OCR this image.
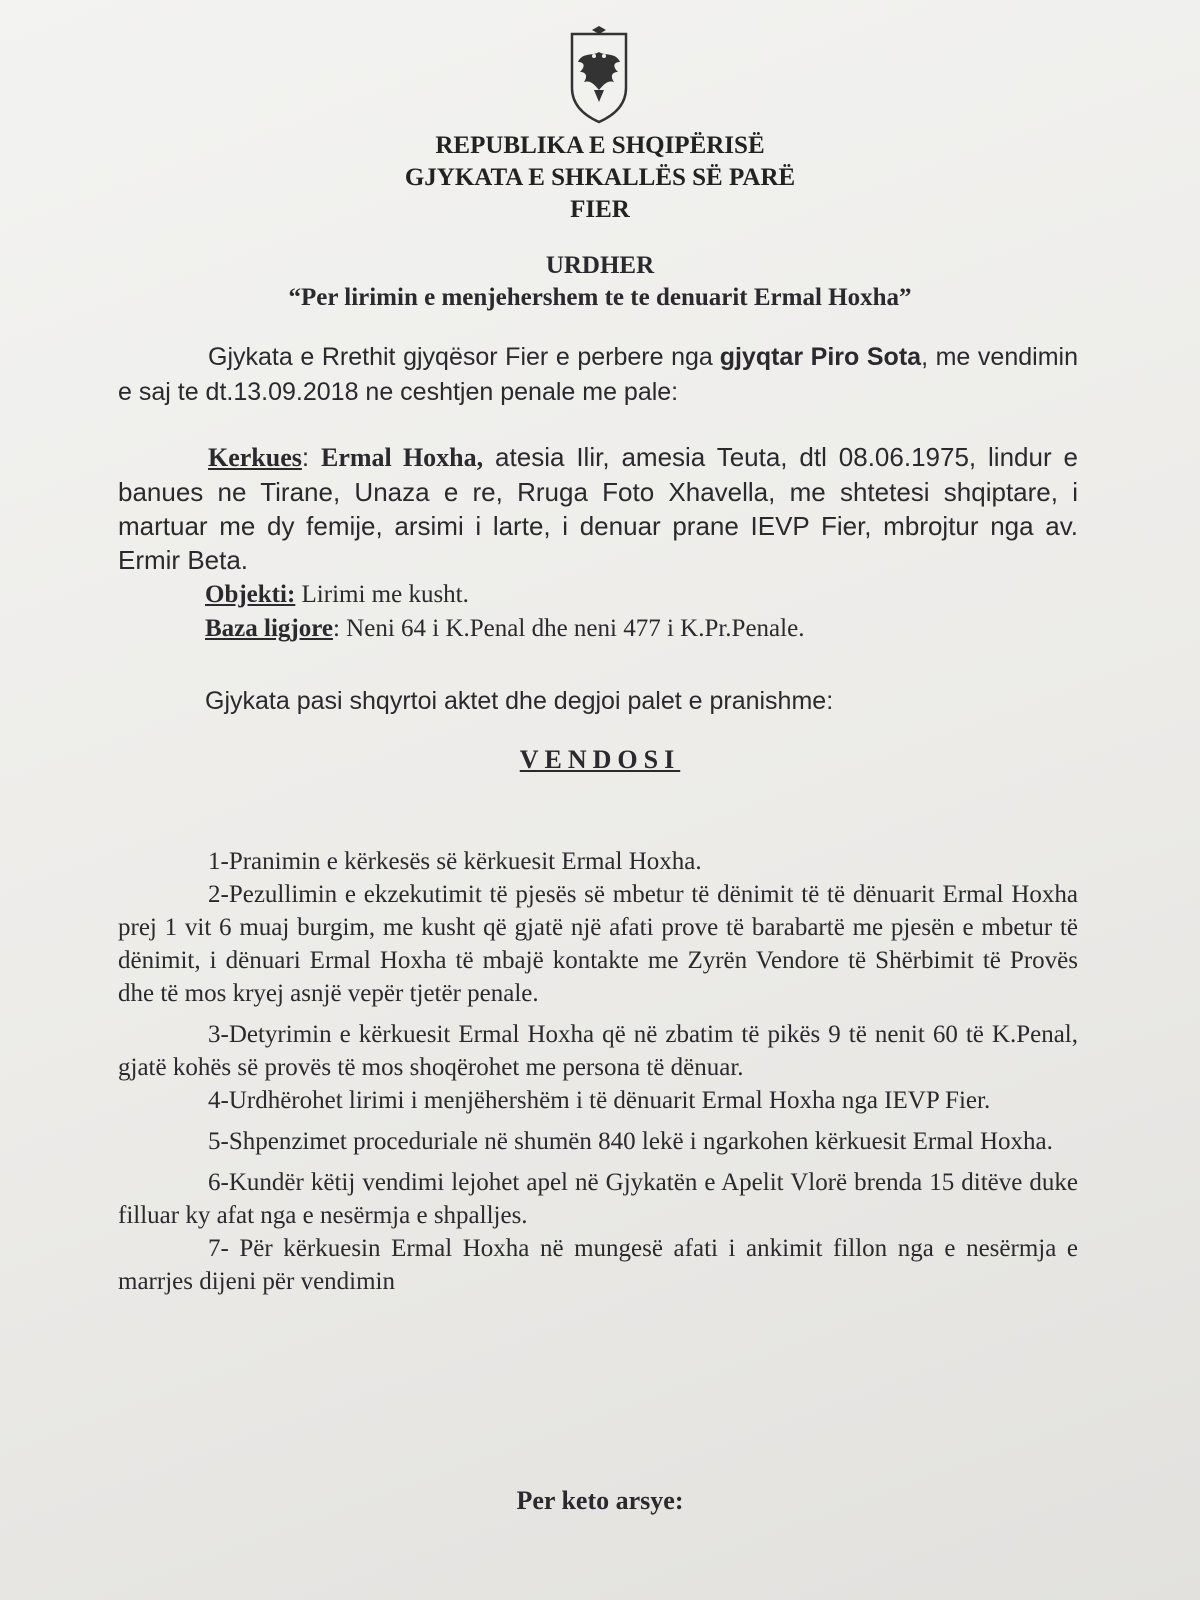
REPUBLIKA E SHQIPËRISË
GJYKATA E SHKALLËS SË PARË
FIER
URDHER
“Per lirimin e menjehershem te te denuarit Ermal Hoxha”
Gjykata e Rrethit gjyqësor Fier e perbere nga gjyqtar Piro Sota, me vendimin e saj te dt.13.09.2018 ne ceshtjen penale me pale:
Kerkues: Ermal Hoxha, atesia Ilir, amesia Teuta, dtl 08.06.1975, lindur e banues ne Tirane, Unaza e re, Rruga Foto Xhavella, me shtetesi shqiptare, i martuar me dy femije, arsimi i larte, i denuar prane IEVP Fier, mbrojtur nga av. Ermir Beta.
Objekti: Lirimi me kusht.
Baza ligjore: Neni 64 i K.Penal dhe neni 477 i K.Pr.Penale.
Gjykata pasi shqyrtoi aktet dhe degjoi palet e pranishme:
VENDOSI

1-Pranimin e kërkesës së kërkuesit Ermal Hoxha.

2-Pezullimin e ekzekutimit të pjesës së mbetur të dënimit të të dënuarit Ermal Hoxha prej 1 vit 6 muaj burgim, me kusht që gjatë një afati prove të barabartë me pjesën e mbetur të dënimit, i dënuari Ermal Hoxha të mbajë kontakte me Zyrën Vendore të Shërbimit të Provës dhe të mos kryej asnjë vepër tjetër penale.

3-Detyrimin e kërkuesit Ermal Hoxha që në zbatim të pikës 9 të nenit 60 të K.Penal, gjatë kohës së provës të mos shoqërohet me persona të dënuar.

4-Urdhërohet lirimi i menjëhershëm i të dënuarit Ermal Hoxha nga IEVP Fier.

5-Shpenzimet proceduriale në shumën 840 lekë i ngarkohen kërkuesit Ermal Hoxha.

6-Kundër këtij vendimi lejohet apel në Gjykatën e Apelit Vlorë brenda 15 ditëve duke filluar ky afat nga e nesërmja e shpalljes.

7- Për kërkuesin Ermal Hoxha në mungesë afati i ankimit fillon nga e nesërmja e marrjes dijeni për vendimin

Per keto arsye:
